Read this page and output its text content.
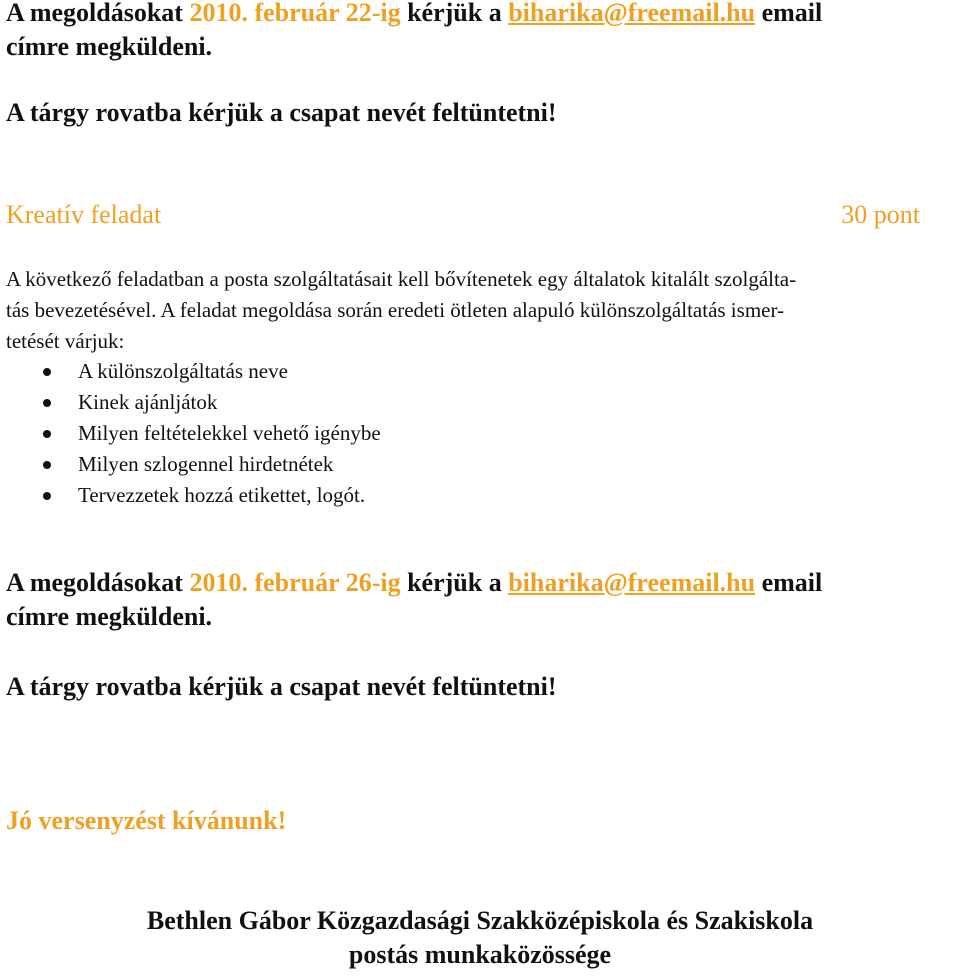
A megoldásokat 2010. február 22-ig kérjük a biharika@freemail.hu email
címre megküldeni.
A tárgy rovatba kérjük a csapat nevét feltüntetni!
Kreatív feladat	30 pont
A következő feladatban a posta szolgáltatásait kell bővítenetek egy általatok kitalált szolgálta-
tás bevezetésével. A feladat megoldása során eredeti ötleten alapuló különszolgáltatás ismer-
tetését várjuk:
A különszolgáltatás neve
Kinek ajánljátok
Milyen feltételekkel vehető igénybe
Milyen szlogennel hirdetnétek
Tervezzetek hozzá etikettet, logót.
A megoldásokat 2010. február 26-ig kérjük a biharika@freemail.hu email
címre megküldeni.
A tárgy rovatba kérjük a csapat nevét feltüntetni!
Jó versenyzést kívánunk!
Bethlen Gábor Közgazdasági Szakközépiskola és Szakiskola
postás munkaközössége
